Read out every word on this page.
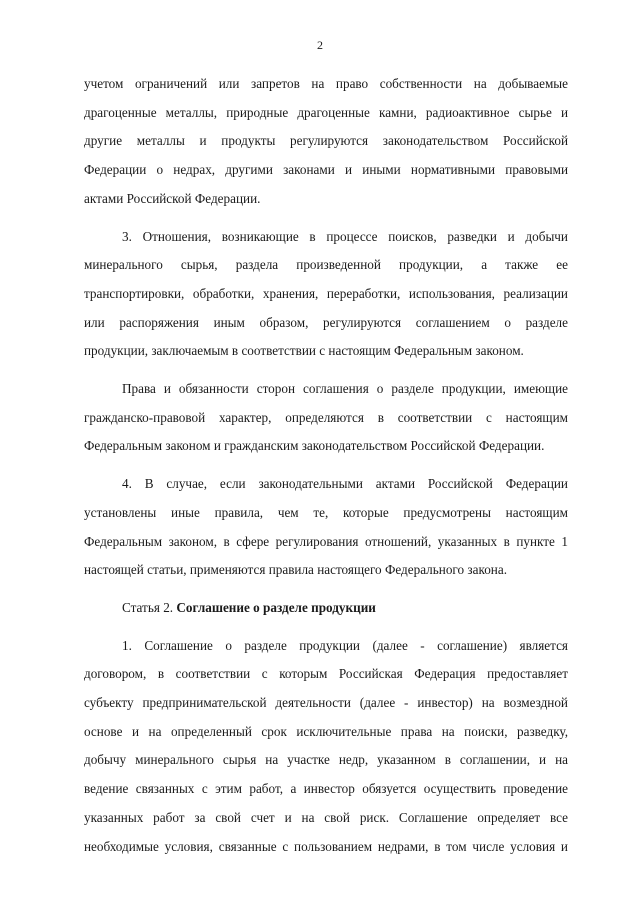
2

учетом ограничений или запретов на право собственности на добываемые
драгоценные металлы, природные драгоценные камни, радиоактивное сырье и
другие металлы и продукты регулируются законодательством Российской
Федерации о недрах, другими законами и иными нормативными правовыми
актами Российской Федерации.

3. Отношения, возникающие в процессе поисков, разведки и добычи
минерального сырья, раздела произведенной продукции, а также ее
транспортировки, обработки, хранения, переработки, использования, реализации
или распоряжения иным образом, регулируются соглашением о разделе
продукции, заключаемым в соответствии с настоящим Федеральным законом.

Права и обязанности сторон соглашения о разделе продукции, имеющие
гражданско-правовой характер, определяются в соответствии с настоящим
Федеральным законом и гражданским законодательством Российской Федерации.

4. В случае, если законодательными актами Российской Федерации
установлены иные правила, чем те, которые предусмотрены настоящим
Федеральным законом, в сфере регулирования отношений, указанных в пункте 1
настоящей статьи, применяются правила настоящего Федерального закона.

Статья 2. Соглашение о разделе продукции

1. Соглашение о разделе продукции (далее - соглашение) является
договором, в соответствии с которым Российская Федерация предоставляет
субъекту предпринимательской деятельности (далее - инвестор) на возмездной
основе и на определенный срок исключительные права на поиски, разведку,
добычу минерального сырья на участке недр, указанном в соглашении, и на
ведение связанных с этим работ, а инвестор обязуется осуществить проведение
указанных работ за свой счет и на свой риск. Соглашение определяет все
необходимые условия, связанные с пользованием недрами, в том числе условия и
